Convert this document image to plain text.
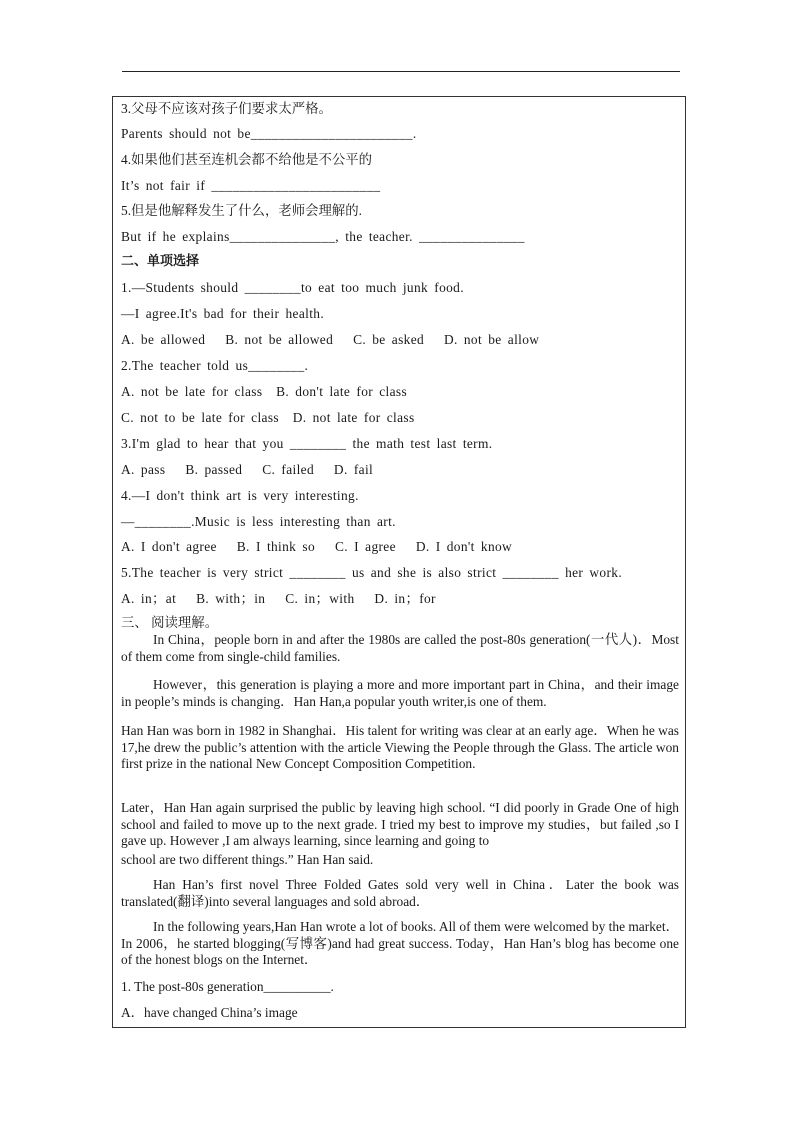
3.父母不应该对孩子们要求太严格。
Parents should not be_______________________.
4.如果他们甚至连机会都不给他是不公平的
It’s not fair if ________________________
5.但是他解释发生了什么，老师会理解的.
But if he explains_______________, the teacher. _______________
二、单项选择
1.—Students should ________to eat too much junk food.
—I agree.It's bad for their health.
A. be allowed　 B. not be allowed　 C. be asked　 D. not be allow
2.The teacher told us________.
A. not be late for class　B. don't late for class
C. not to be late for class　D. not late for class
3.I'm glad to hear that you ________ the math test last term.
A. pass　 B. passed　 C. failed　 D. fail
4.—I don't think art is very interesting.
—________.Music is less interesting than art.
A. I don't agree　 B. I think so　 C. I agree　 D. I don't know
5.The teacher is very strict ________ us and she is also strict ________ her work.
A. in；at　 B. with；in　 C. in；with　 D. in；for
三、 阅读理解。

In China，people born in and after the 1980s are called the post-80s generation(一代人)．Most of them come from single-child families.

However，this generation is playing a more and more important part in China，and their image in people’s minds is changing．Han Han,a popular youth writer,is one of them.

Han Han was born in 1982 in Shanghai．His talent for writing was clear at an early age．When he was 17,he drew the public’s attention with the article Viewing the People through the Glass. The article won first prize in the national New Concept Composition Competition.

Later，Han Han again surprised the public by leaving high school. “I did poorly in Grade One of high school and failed to move up to the next grade. I tried my best to improve my studies，but failed ,so I gave up. However ,I am always learning, since learning and going to

school are two different things.” Han Han said.

Han Han’s first novel Three Folded Gates sold very well in China．Later the book was translated(翻译)into several languages and sold abroad．

In the following years,Han Han wrote a lot of books. All of them were welcomed by the market．In 2006，he started blogging(写博客)and had great success. Today，Han Han’s blog has become one of the honest blogs on the Internet．

1. The post-80s generation__________.
A．have changed China’s image
